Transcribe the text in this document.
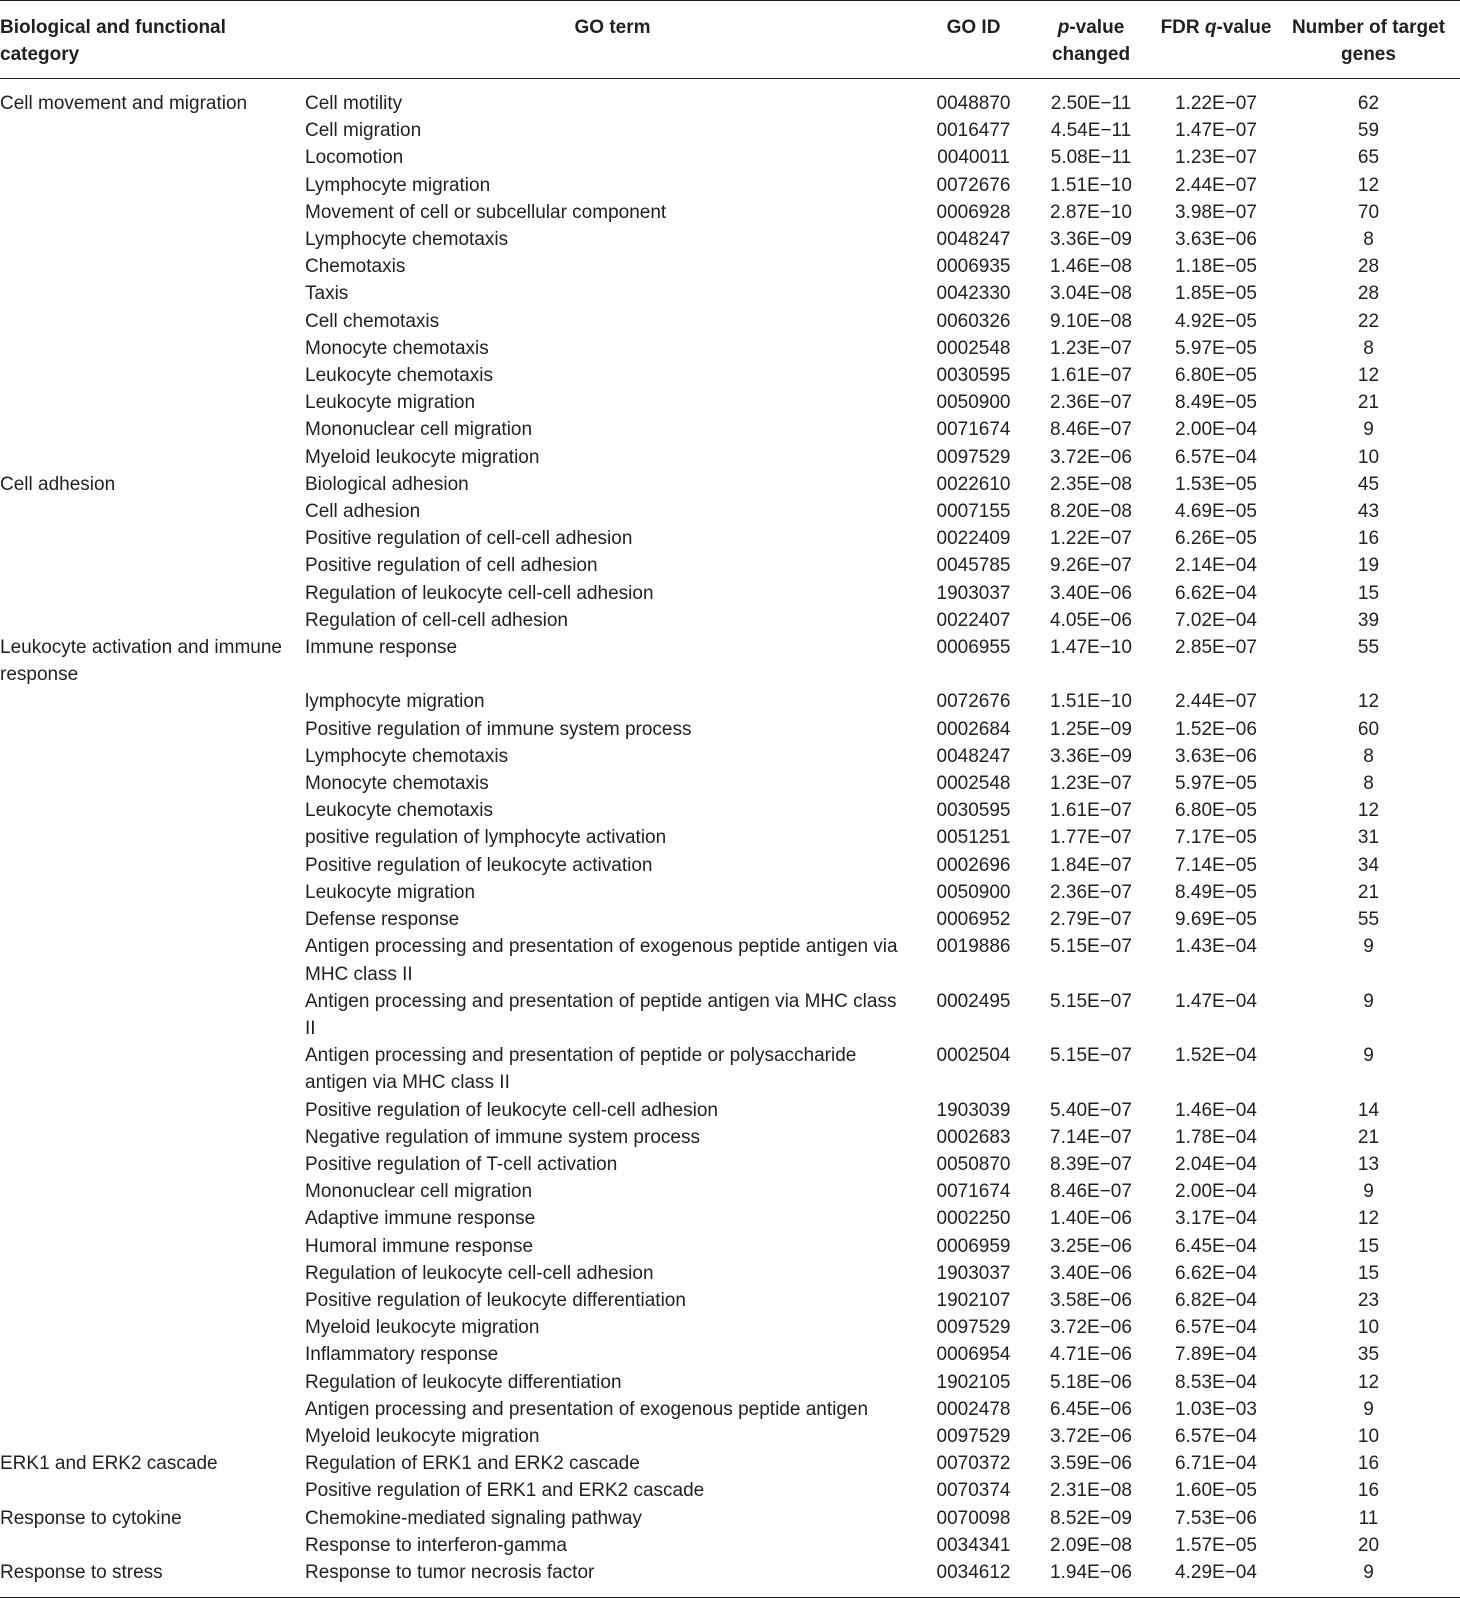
Biological and functional category	GO term	GO ID	p-value changed	FDR q-value	Number of target genes
Cell movement and migration	Cell motility	0048870	2.50E−11	1.22E−07	62
	Cell migration	0016477	4.54E−11	1.47E−07	59
	Locomotion	0040011	5.08E−11	1.23E−07	65
	Lymphocyte migration	0072676	1.51E−10	2.44E−07	12
	Movement of cell or subcellular component	0006928	2.87E−10	3.98E−07	70
	Lymphocyte chemotaxis	0048247	3.36E−09	3.63E−06	8
	Chemotaxis	0006935	1.46E−08	1.18E−05	28
	Taxis	0042330	3.04E−08	1.85E−05	28
	Cell chemotaxis	0060326	9.10E−08	4.92E−05	22
	Monocyte chemotaxis	0002548	1.23E−07	5.97E−05	8
	Leukocyte chemotaxis	0030595	1.61E−07	6.80E−05	12
	Leukocyte migration	0050900	2.36E−07	8.49E−05	21
	Mononuclear cell migration	0071674	8.46E−07	2.00E−04	9
	Myeloid leukocyte migration	0097529	3.72E−06	6.57E−04	10
Cell adhesion	Biological adhesion	0022610	2.35E−08	1.53E−05	45
	Cell adhesion	0007155	8.20E−08	4.69E−05	43
	Positive regulation of cell-cell adhesion	0022409	1.22E−07	6.26E−05	16
	Positive regulation of cell adhesion	0045785	9.26E−07	2.14E−04	19
	Regulation of leukocyte cell-cell adhesion	1903037	3.40E−06	6.62E−04	15
	Regulation of cell-cell adhesion	0022407	4.05E−06	7.02E−04	39
Leukocyte activation and immune response	Immune response	0006955	1.47E−10	2.85E−07	55
	lymphocyte migration	0072676	1.51E−10	2.44E−07	12
	Positive regulation of immune system process	0002684	1.25E−09	1.52E−06	60
	Lymphocyte chemotaxis	0048247	3.36E−09	3.63E−06	8
	Monocyte chemotaxis	0002548	1.23E−07	5.97E−05	8
	Leukocyte chemotaxis	0030595	1.61E−07	6.80E−05	12
	positive regulation of lymphocyte activation	0051251	1.77E−07	7.17E−05	31
	Positive regulation of leukocyte activation	0002696	1.84E−07	7.14E−05	34
	Leukocyte migration	0050900	2.36E−07	8.49E−05	21
	Defense response	0006952	2.79E−07	9.69E−05	55
	Antigen processing and presentation of exogenous peptide antigen via MHC class II	0019886	5.15E−07	1.43E−04	9
	Antigen processing and presentation of peptide antigen via MHC class II	0002495	5.15E−07	1.47E−04	9
	Antigen processing and presentation of peptide or polysaccharide antigen via MHC class II	0002504	5.15E−07	1.52E−04	9
	Positive regulation of leukocyte cell-cell adhesion	1903039	5.40E−07	1.46E−04	14
	Negative regulation of immune system process	0002683	7.14E−07	1.78E−04	21
	Positive regulation of T-cell activation	0050870	8.39E−07	2.04E−04	13
	Mononuclear cell migration	0071674	8.46E−07	2.00E−04	9
	Adaptive immune response	0002250	1.40E−06	3.17E−04	12
	Humoral immune response	0006959	3.25E−06	6.45E−04	15
	Regulation of leukocyte cell-cell adhesion	1903037	3.40E−06	6.62E−04	15
	Positive regulation of leukocyte differentiation	1902107	3.58E−06	6.82E−04	23
	Myeloid leukocyte migration	0097529	3.72E−06	6.57E−04	10
	Inflammatory response	0006954	4.71E−06	7.89E−04	35
	Regulation of leukocyte differentiation	1902105	5.18E−06	8.53E−04	12
	Antigen processing and presentation of exogenous peptide antigen	0002478	6.45E−06	1.03E−03	9
	Myeloid leukocyte migration	0097529	3.72E−06	6.57E−04	10
ERK1 and ERK2 cascade	Regulation of ERK1 and ERK2 cascade	0070372	3.59E−06	6.71E−04	16
	Positive regulation of ERK1 and ERK2 cascade	0070374	2.31E−08	1.60E−05	16
Response to cytokine	Chemokine-mediated signaling pathway	0070098	8.52E−09	7.53E−06	11
	Response to interferon-gamma	0034341	2.09E−08	1.57E−05	20
Response to stress	Response to tumor necrosis factor	0034612	1.94E−06	4.29E−04	9
